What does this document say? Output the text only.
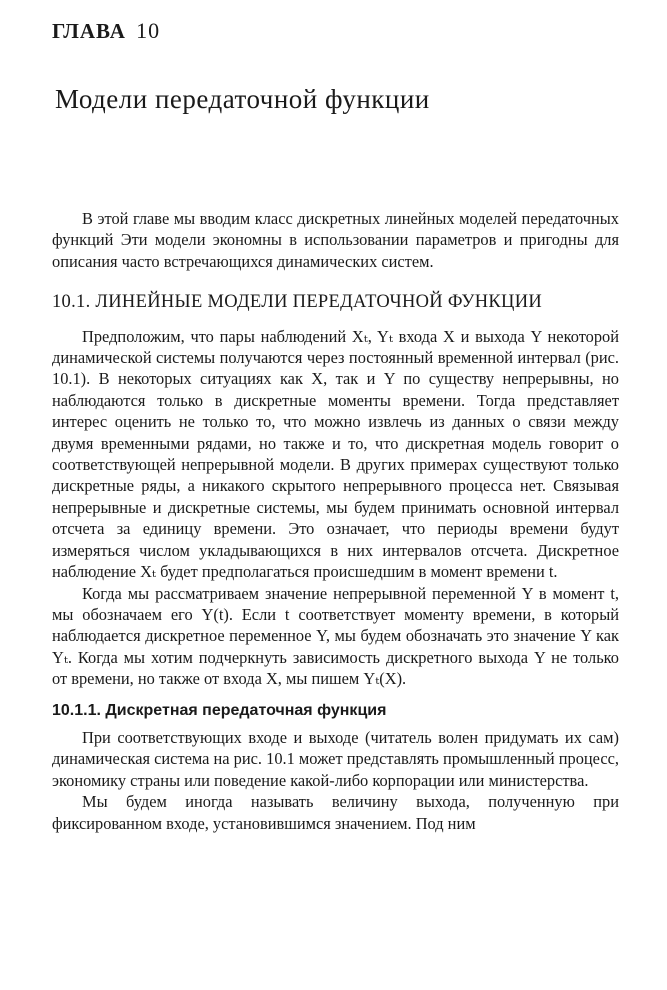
ГЛАВА 10
Модели передаточной функции

В этой главе мы вводим класс дискретных линейных моделей передаточных функций Эти модели экономны в использовании параметров и пригодны для описания часто встречающихся динамических систем.

10.1. ЛИНЕЙНЫЕ МОДЕЛИ ПЕРЕДАТОЧНОЙ ФУНКЦИИ

Предположим, что пары наблюдений Xₜ, Yₜ входа X и выхода Y некоторой динамической системы получаются через постоянный временной интервал (рис. 10.1). В некоторых ситуациях как X, так и Y по существу непрерывны, но наблюдаются только в дискретные моменты времени. Тогда представляет интерес оценить не только то, что можно извлечь из данных о связи между двумя временными рядами, но также и то, что дискретная модель говорит о соответствующей непрерывной модели. В других примерах существуют только дискретные ряды, а никакого скрытого непрерывного процесса нет. Связывая непрерывные и дискретные системы, мы будем принимать основной интервал отсчета за единицу времени. Это означает, что периоды времени будут измеряться числом укладывающихся в них интервалов отсчета. Дискретное наблюдение Xₜ будет предполагаться происшедшим в момент времени t.

Когда мы рассматриваем значение непрерывной переменной Y в момент t, мы обозначаем его Y(t). Если t соответствует моменту времени, в который наблюдается дискретное переменное Y, мы будем обозначать это значение Y как Yₜ. Когда мы хотим подчеркнуть зависимость дискретного выхода Y не только от времени, но также от входа X, мы пишем Yₜ(X).

10.1.1. Дискретная передаточная функция

При соответствующих входе и выходе (читатель волен придумать их сам) динамическая система на рис. 10.1 может представлять промышленный процесс, экономику страны или поведение какой-либо корпорации или министерства.

Мы будем иногда называть величину выхода, полученную при фиксированном входе, установившимся значением. Под ним
